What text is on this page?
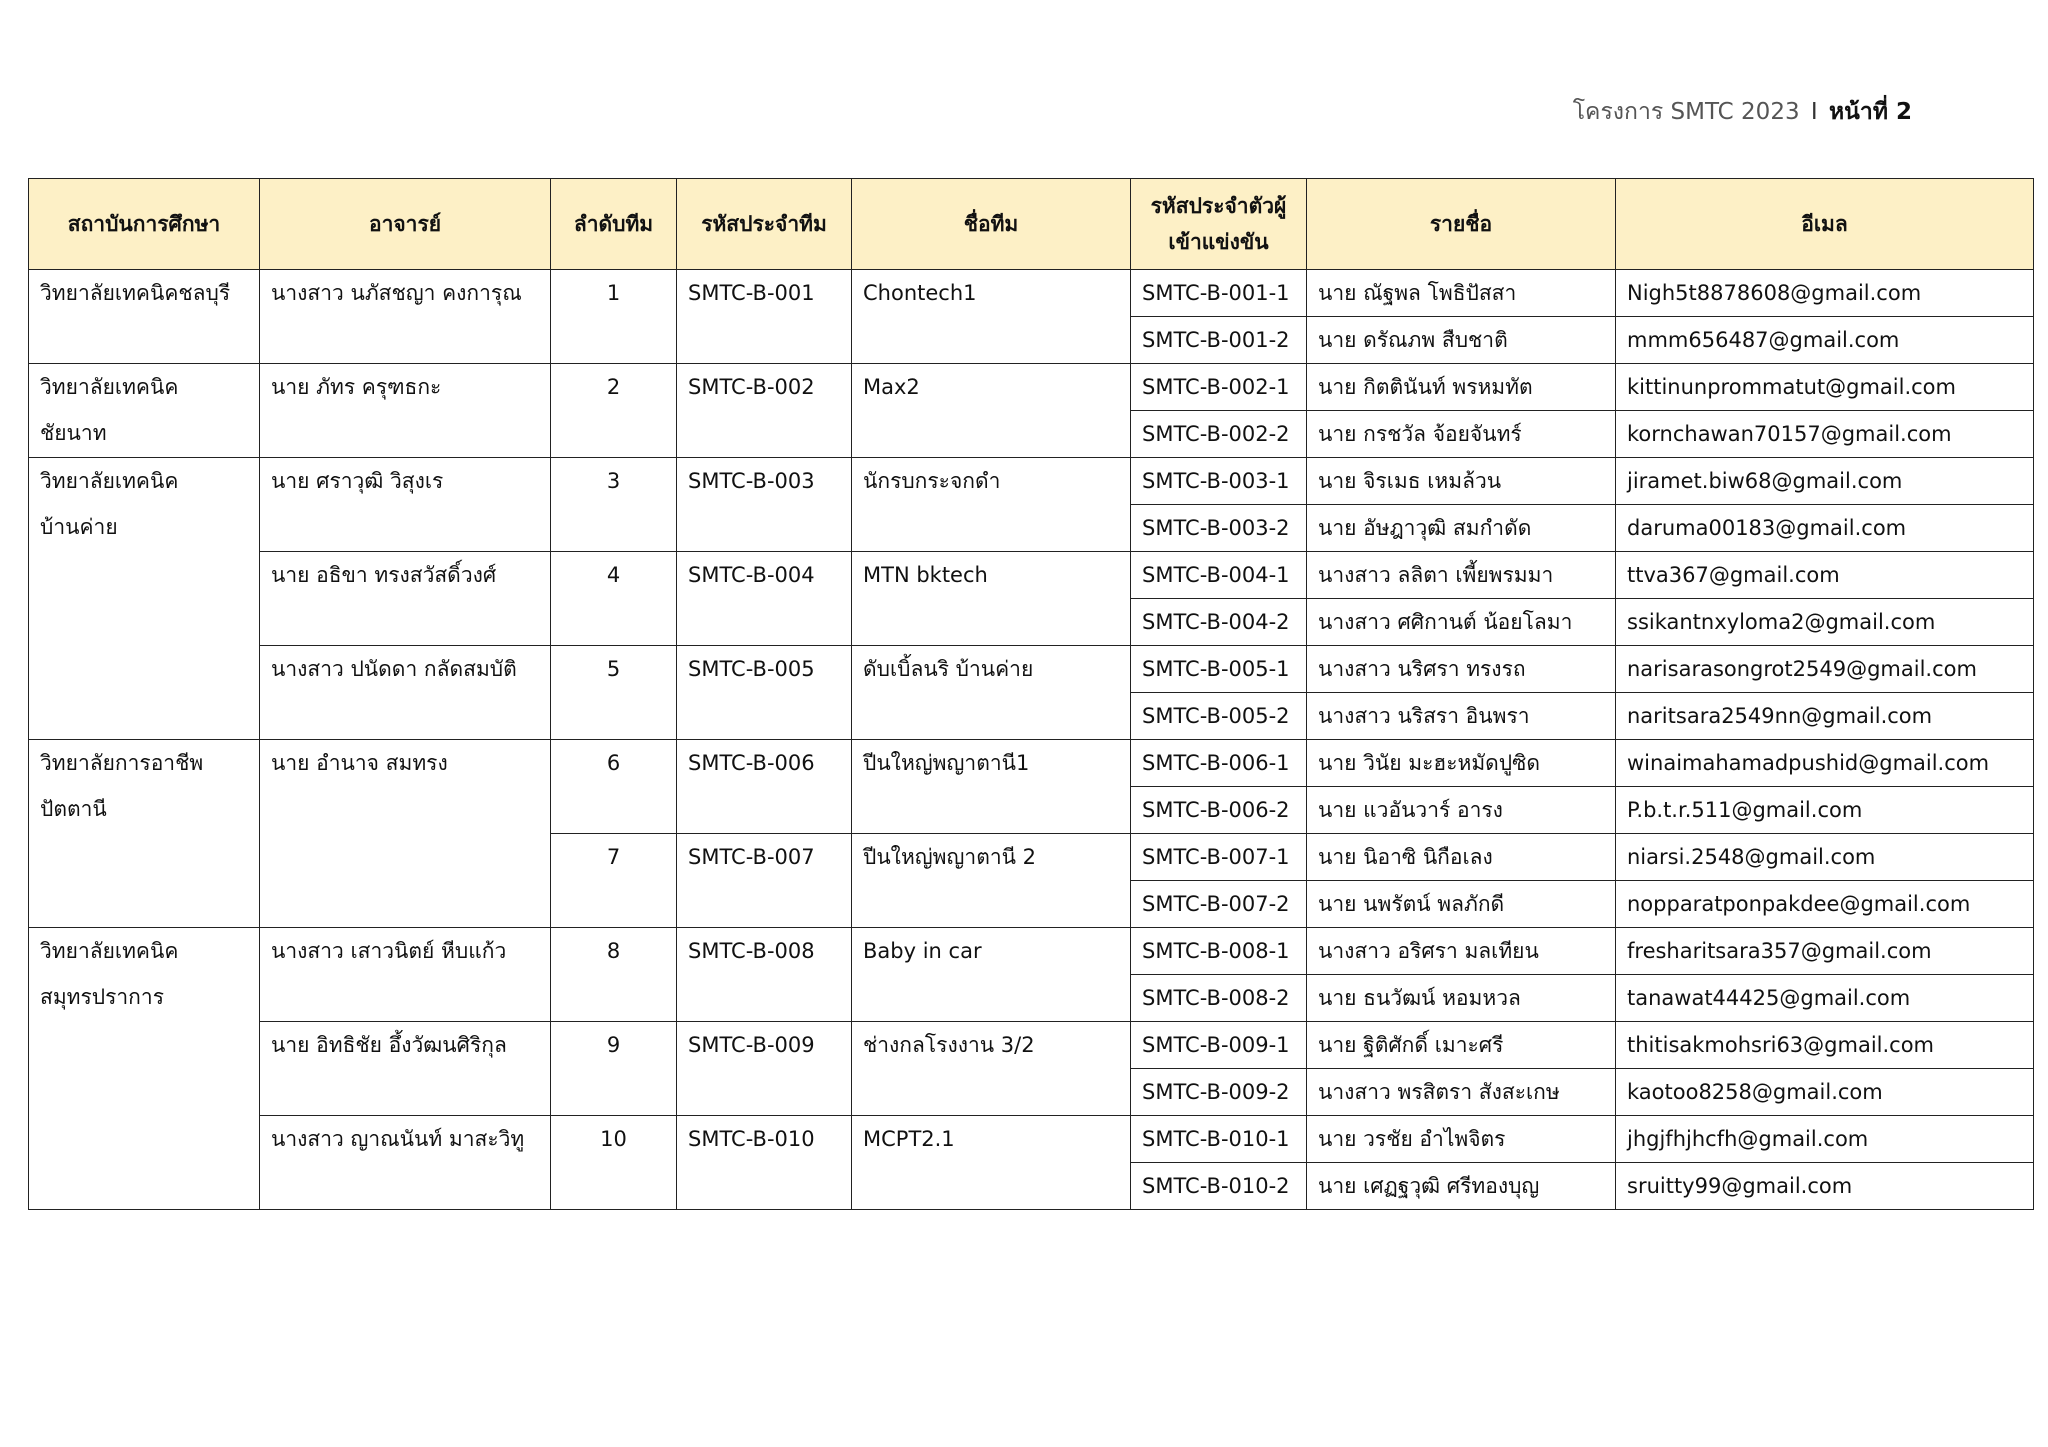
โครงการ SMTC 2023 I หน้าที่ 2
สถาบันการศึกษา	อาจารย์	ลำดับทีม	รหัสประจำทีม	ชื่อทีม	รหัสประจำตัวผู้เข้าแข่งขัน	รายชื่อ	อีเมล
วิทยาลัยเทคนิคชลบุรี	นางสาว นภัสชญา คงการุณ	1	SMTC-B-001	Chontech1	SMTC-B-001-1	นาย ณัฐพล โพธิปัสสา	Nigh5t8878608@gmail.com
					SMTC-B-001-2	นาย ดรัณภพ สืบชาติ	mmm656487@gmail.com
วิทยาลัยเทคนิค ชัยนาท	นาย ภัทร ครุฑธกะ	2	SMTC-B-002	Max2	SMTC-B-002-1	นาย กิตตินันท์ พรหมทัต	kittinunprommatut@gmail.com
					SMTC-B-002-2	นาย กรชวัล จ้อยจันทร์	kornchawan70157@gmail.com
วิทยาลัยเทคนิค บ้านค่าย	นาย ศราวุฒิ วิสุงเร	3	SMTC-B-003	นักรบกระจกดำ	SMTC-B-003-1	นาย จิรเมธ เหมล้วน	jiramet.biw68@gmail.com
					SMTC-B-003-2	นาย อัษฎาวุฒิ สมกำดัด	daruma00183@gmail.com
	นาย อธิขา ทรงสวัสดิ์วงศ์	4	SMTC-B-004	MTN bktech	SMTC-B-004-1	นางสาว ลลิตา เพี้ยพรมมา	ttva367@gmail.com
					SMTC-B-004-2	นางสาว ศศิกานต์ น้อยโลมา	ssikantnxyloma2@gmail.com
	นางสาว ปนัดดา กลัดสมบัติ	5	SMTC-B-005	ดับเบิ้ลนริ บ้านค่าย	SMTC-B-005-1	นางสาว นริศรา ทรงรถ	narisarasongrot2549@gmail.com
					SMTC-B-005-2	นางสาว นริสรา อินพรา	naritsara2549nn@gmail.com
วิทยาลัยการอาชีพ ปัตตานี	นาย อำนาจ สมทรง	6	SMTC-B-006	ปีนใหญ่พญาตานี1	SMTC-B-006-1	นาย วินัย มะฮะหมัดปูซิด	winaimahamadpushid@gmail.com
					SMTC-B-006-2	นาย แวอันวาร์ อารง	P.b.t.r.511@gmail.com
		7	SMTC-B-007	ปีนใหญ่พญาตานี 2	SMTC-B-007-1	นาย นิอาซิ นิกือเลง	niarsi.2548@gmail.com
					SMTC-B-007-2	นาย นพรัตน์ พลภักดี	nopparatponpakdee@gmail.com
วิทยาลัยเทคนิค สมุทรปราการ	นางสาว เสาวนิตย์ หีบแก้ว	8	SMTC-B-008	Baby in car	SMTC-B-008-1	นางสาว อริศรา มลเทียน	fresharitsara357@gmail.com
					SMTC-B-008-2	นาย ธนวัฒน์ หอมหวล	tanawat44425@gmail.com
	นาย อิทธิชัย อึ้งวัฒนศิริกุล	9	SMTC-B-009	ช่างกลโรงงาน 3/2	SMTC-B-009-1	นาย ฐิติศักดิ์ เมาะศรี	thitisakmohsri63@gmail.com
					SMTC-B-009-2	นางสาว พรสิตรา สังสะเกษ	kaotoo8258@gmail.com
	นางสาว ญาณนันท์ มาสะวิทู	10	SMTC-B-010	MCPT2.1	SMTC-B-010-1	นาย วรชัย อำไพจิตร	jhgjfhjhcfh@gmail.com
					SMTC-B-010-2	นาย เศฏฐวุฒิ ศรีทองบุญ	sruitty99@gmail.com
